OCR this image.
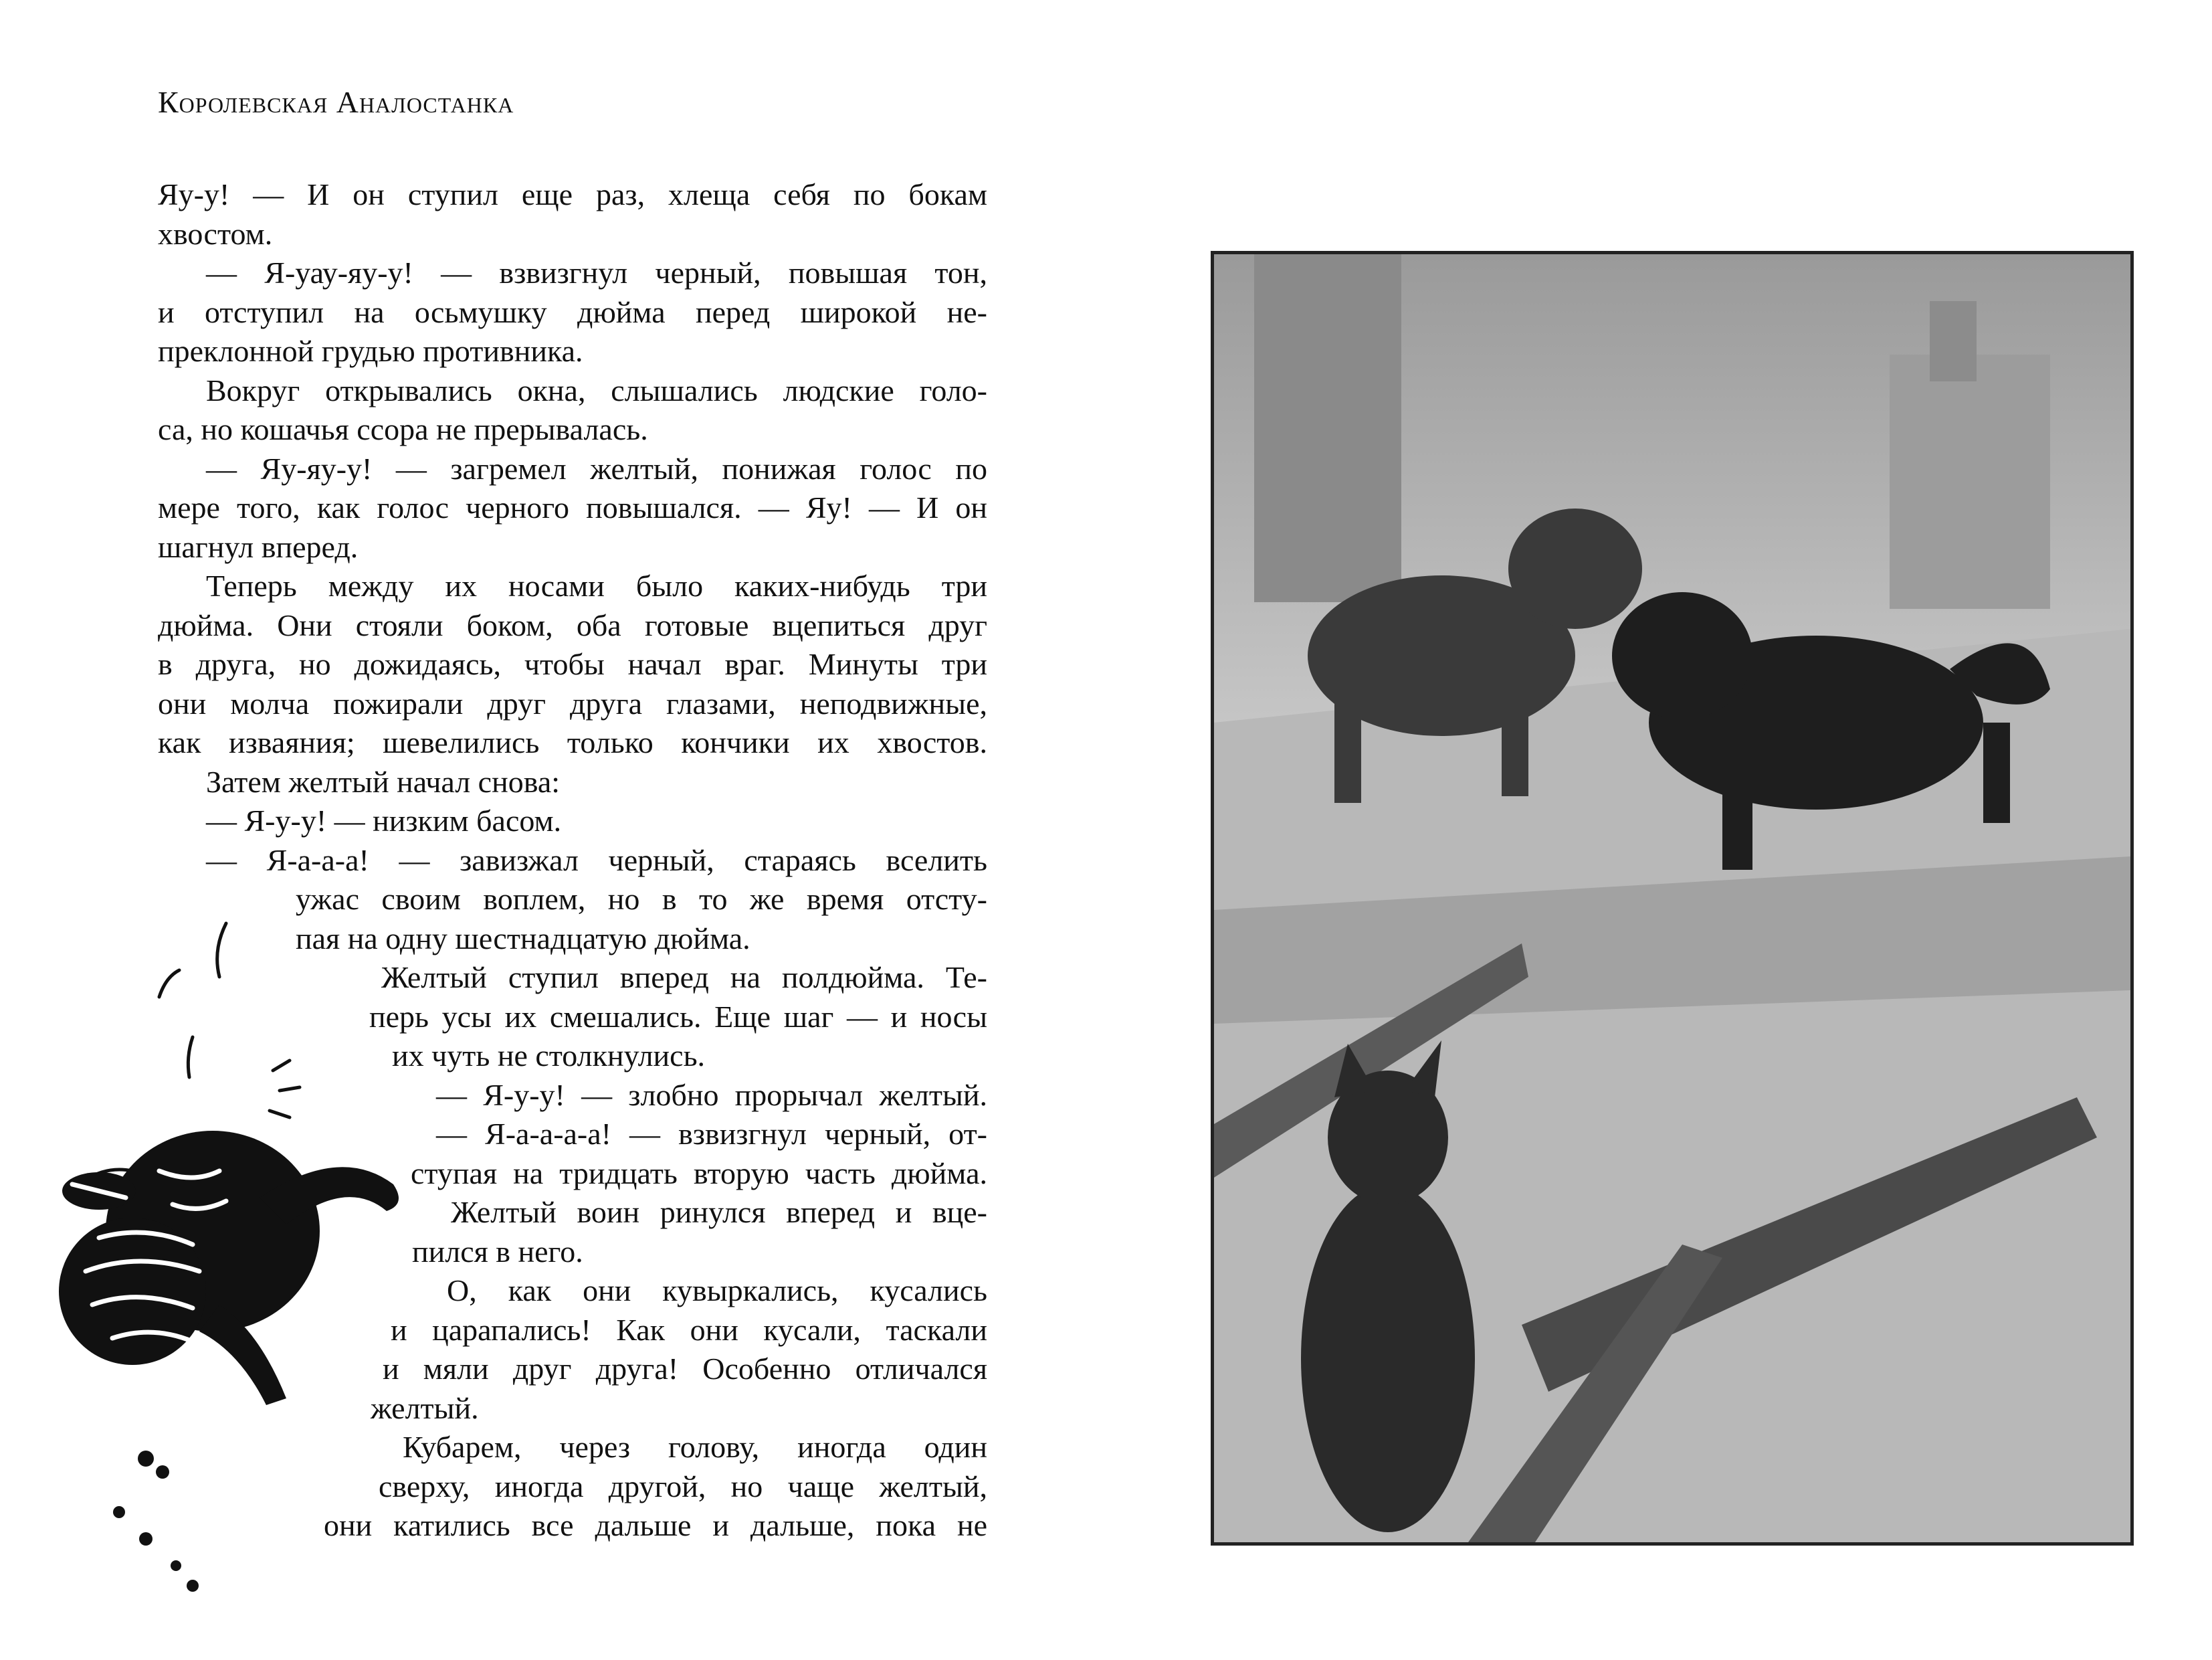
Королевская Аналостанка
Яу-у! — И он ступил еще раз, хлеща себя по бокам
хвостом.
— Я-уау-яу-у! — взвизгнул черный, повышая тон,
и отступил на осьмушку дюйма перед широкой не-
преклонной грудью противника.
Вокруг открывались окна, слышались людские голо-
са, но кошачья ссора не прерывалась.
— Яу-яу-у! — загремел желтый, понижая голос по
мере того, как голос черного повышался. — Яу! — И он
шагнул вперед.
Теперь между их носами было каких-нибудь три
дюйма. Они стояли боком, оба готовые вцепиться друг
в друга, но дожидаясь, чтобы начал враг. Минуты три
они молча пожирали друг друга глазами, неподвижные,
как изваяния; шевелились только кончики их хвостов.
Затем желтый начал снова:
— Я-у-у! — низким басом.
— Я-а-а-а! — завизжал черный, стараясь вселить
ужас своим воплем, но в то же время отсту-
пая на одну шестнадцатую дюйма.
Желтый ступил вперед на полдюйма. Те-
перь усы их смешались. Еще шаг — и носы
их чуть не столкнулись.
— Я-у-у! — злобно прорычал желтый.
— Я-а-а-а-а! — взвизгнул черный, от-
ступая на тридцать вторую часть дюйма.
Желтый воин ринулся вперед и вце-
пился в него.
О, как они кувыркались, кусались
и царапались! Как они кусали, таскали
и мяли друг друга! Особенно отличался
желтый.
Кубарем, через голову, иногда один
сверху, иногда другой, но чаще желтый,
они катились все дальше и дальше, пока не
